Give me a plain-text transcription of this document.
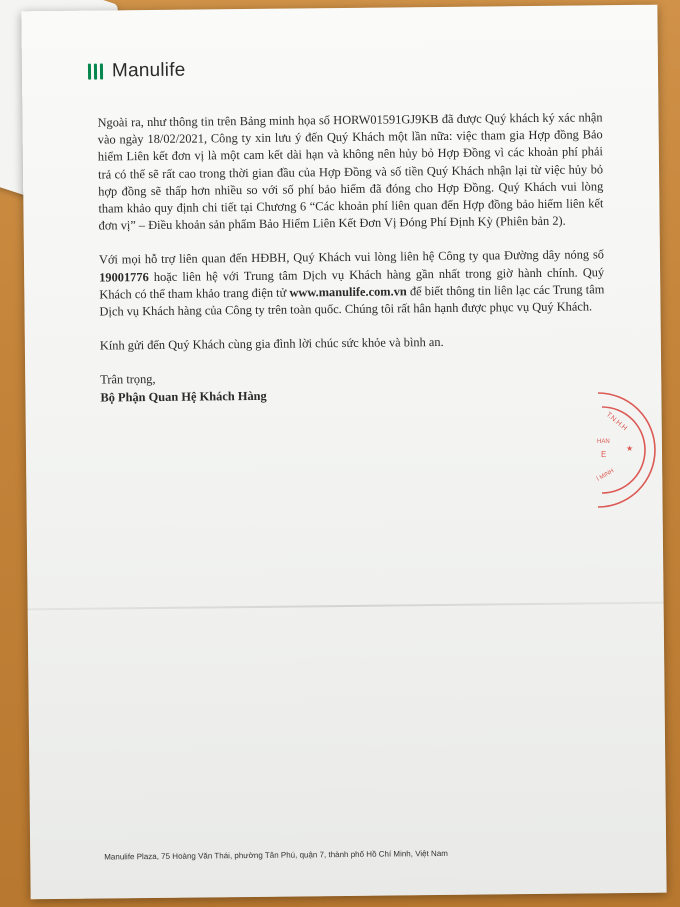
Manulife

Ngoài ra, như thông tin trên Bảng minh họa số HORW01591GJ9KB đã được Quý khách ký xác nhận vào ngày 18/02/2021, Công ty xin lưu ý đến Quý Khách một lần nữa: việc tham gia Hợp đồng Bảo hiểm Liên kết đơn vị là một cam kết dài hạn và không nên hủy bỏ Hợp Đồng vì các khoản phí phải trả có thể sẽ rất cao trong thời gian đầu của Hợp Đồng và số tiền Quý Khách nhận lại từ việc hủy bỏ hợp đồng sẽ thấp hơn nhiều so với số phí bảo hiểm đã đóng cho Hợp Đồng. Quý Khách vui lòng tham khảo quy định chi tiết tại Chương 6 “Các khoản phí liên quan đến Hợp đồng bảo hiểm liên kết đơn vị” – Điều khoản sản phẩm Bảo Hiểm Liên Kết Đơn Vị Đóng Phí Định Kỳ (Phiên bản 2).

Với mọi hỗ trợ liên quan đến HĐBH, Quý Khách vui lòng liên hệ Công ty qua Đường dây nóng số 19001776 hoặc liên hệ với Trung tâm Dịch vụ Khách hàng gần nhất trong giờ hành chính. Quý Khách có thể tham khảo trang điện tử www.manulife.com.vn để biết thông tin liên lạc các Trung tâm Dịch vụ Khách hàng của Công ty trên toàn quốc. Chúng tôi rất hân hạnh được phục vụ Quý Khách.

Kính gửi đến Quý Khách cùng gia đình lời chúc sức khỏe và bình an.

Trân trọng,
Bộ Phận Quan Hệ Khách Hàng
Manulife Plaza, 75 Hoàng Văn Thái, phường Tân Phú, quận 7, thành phố Hồ Chí Minh, Việt Nam
T.N.H.H
HAN
E
Í MINH
★
